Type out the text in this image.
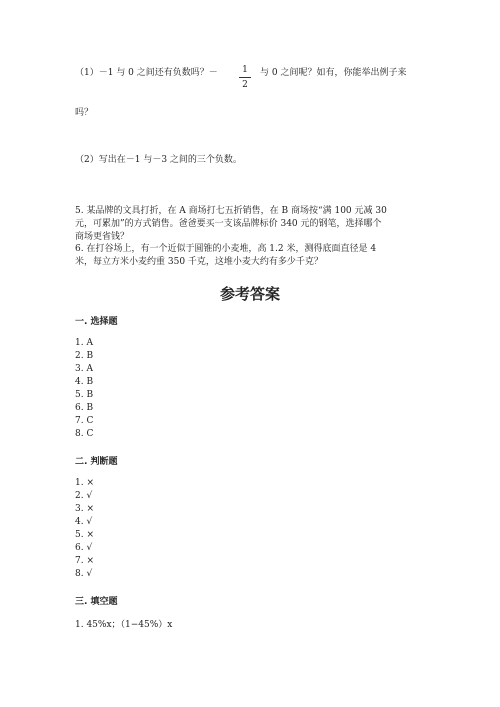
（1）－1 与 0 之间还有负数吗？－	1
2
与 0 之间呢？如有，你能举出例子来
吗？
（2）写出在－1 与－3 之间的三个负数。
5. 某品牌的文具打折，在 A 商场打七五折销售，在 B 商场按“满 100 元减 30
元，可累加”的方式销售。爸爸要买一支该品牌标价 340 元的钢笔，选择哪个
商场更省钱？
6. 在打谷场上，有一个近似于圆锥的小麦堆，高 1.2 米，测得底面直径是 4
米，每立方米小麦约重 350 千克，这堆小麦大约有多少千克？
参考答案
一. 选择题
1. A
2. B
3. A
4. B
5. B
6. B
7. C
8. C
二. 判断题
1. ×
2. √
3. ×
4. √
5. ×
6. √
7. ×
8. √
三. 填空题
1. 45%x；（1−45%）x
